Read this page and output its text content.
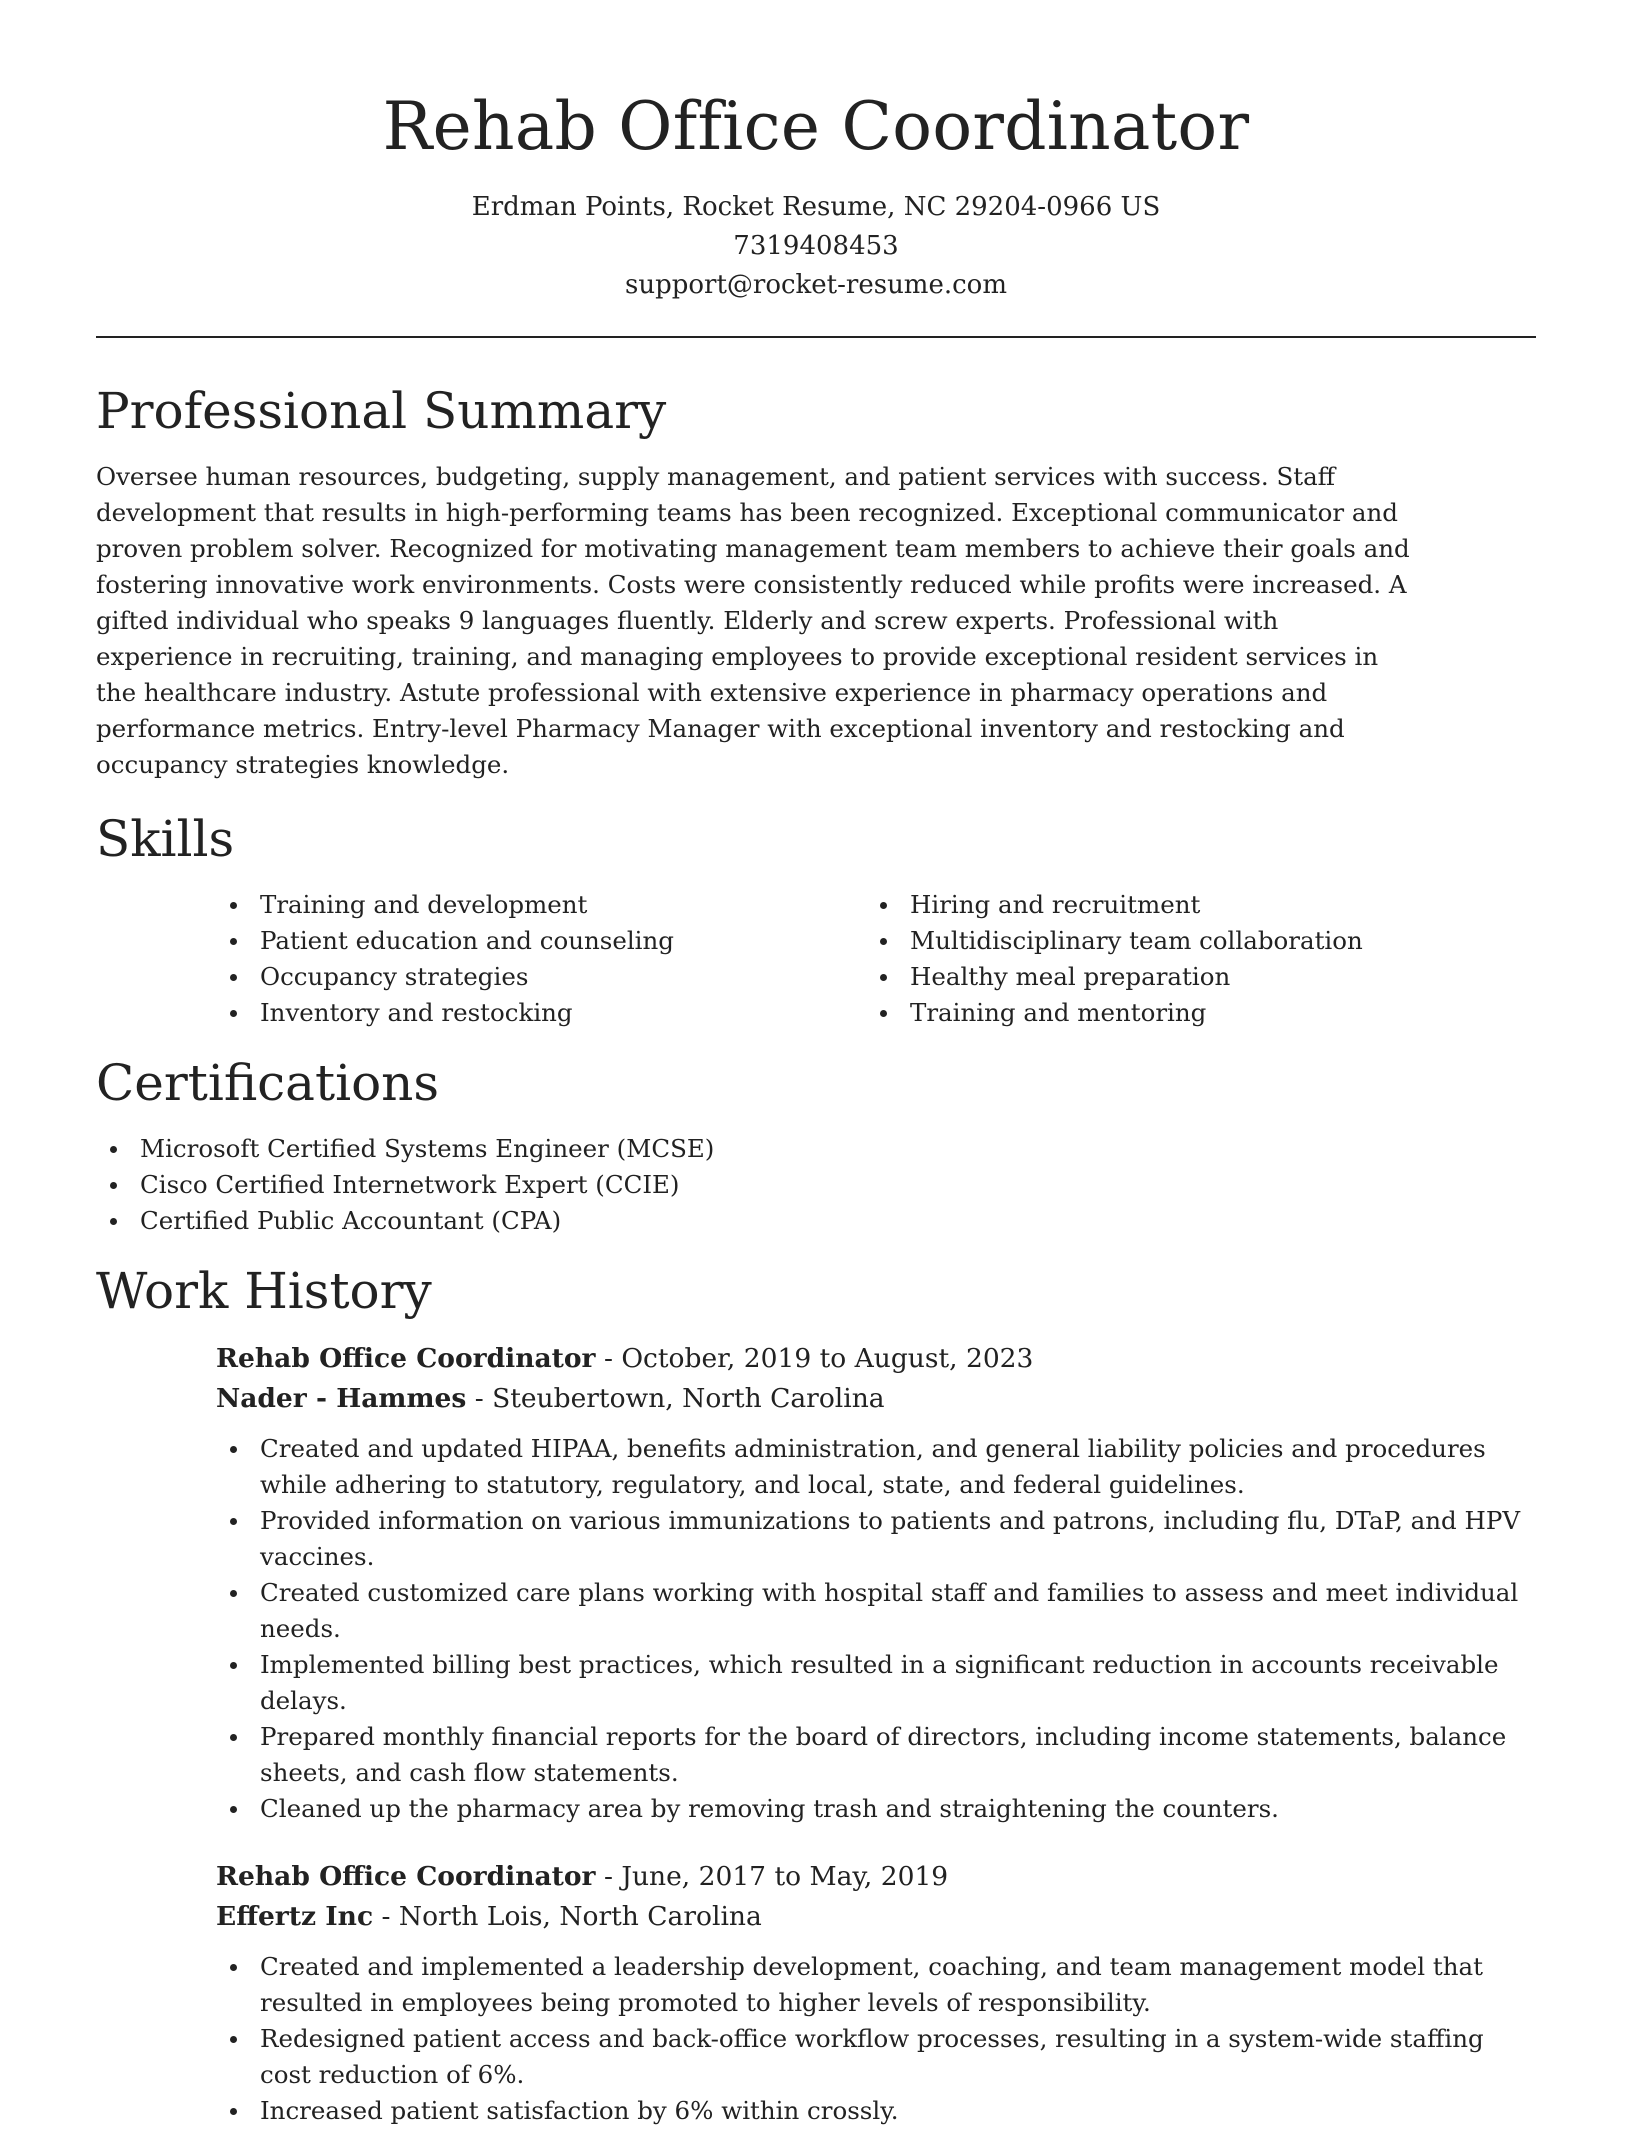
Rehab Office Coordinator

Erdman Points, Rocket Resume, NC 29204-0966 US

7319408453

support@rocket-resume.com

Professional Summary

Oversee human resources, budgeting, supply management, and patient services with success. Staff development that results in high-performing teams has been recognized. Exceptional communicator and proven problem solver. Recognized for motivating management team members to achieve their goals and fostering innovative work environments. Costs were consistently reduced while profits were increased. A gifted individual who speaks 9 languages fluently. Elderly and screw experts. Professional with experience in recruiting, training, and managing employees to provide exceptional resident services in the healthcare industry. Astute professional with extensive experience in pharmacy operations and performance metrics. Entry-level Pharmacy Manager with exceptional inventory and restocking and occupancy strategies knowledge.

Skills
Training and development
Patient education and counseling
Occupancy strategies
Inventory and restocking
Hiring and recruitment
Multidisciplinary team collaboration
Healthy meal preparation
Training and mentoring
Certifications
Microsoft Certified Systems Engineer (MCSE)
Cisco Certified Internetwork Expert (CCIE)
Certified Public Accountant (CPA)
Work History

Rehab Office Coordinator - October, 2019 to August, 2023

Nader - Hammes - Steubertown, North Carolina

Created and updated HIPAA, benefits administration, and general liability policies and procedures while adhering to statutory, regulatory, and local, state, and federal guidelines.
Provided information on various immunizations to patients and patrons, including flu, DTaP, and HPV vaccines.
Created customized care plans working with hospital staff and families to assess and meet individual needs.
Implemented billing best practices, which resulted in a significant reduction in accounts receivable delays.
Prepared monthly financial reports for the board of directors, including income statements, balance sheets, and cash flow statements.
Cleaned up the pharmacy area by removing trash and straightening the counters.

Rehab Office Coordinator - June, 2017 to May, 2019

Effertz Inc - North Lois, North Carolina

Created and implemented a leadership development, coaching, and team management model that resulted in employees being promoted to higher levels of responsibility.
Redesigned patient access and back-office workflow processes, resulting in a system-wide staffing cost reduction of 6%.
Increased patient satisfaction by 6% within crossly.
